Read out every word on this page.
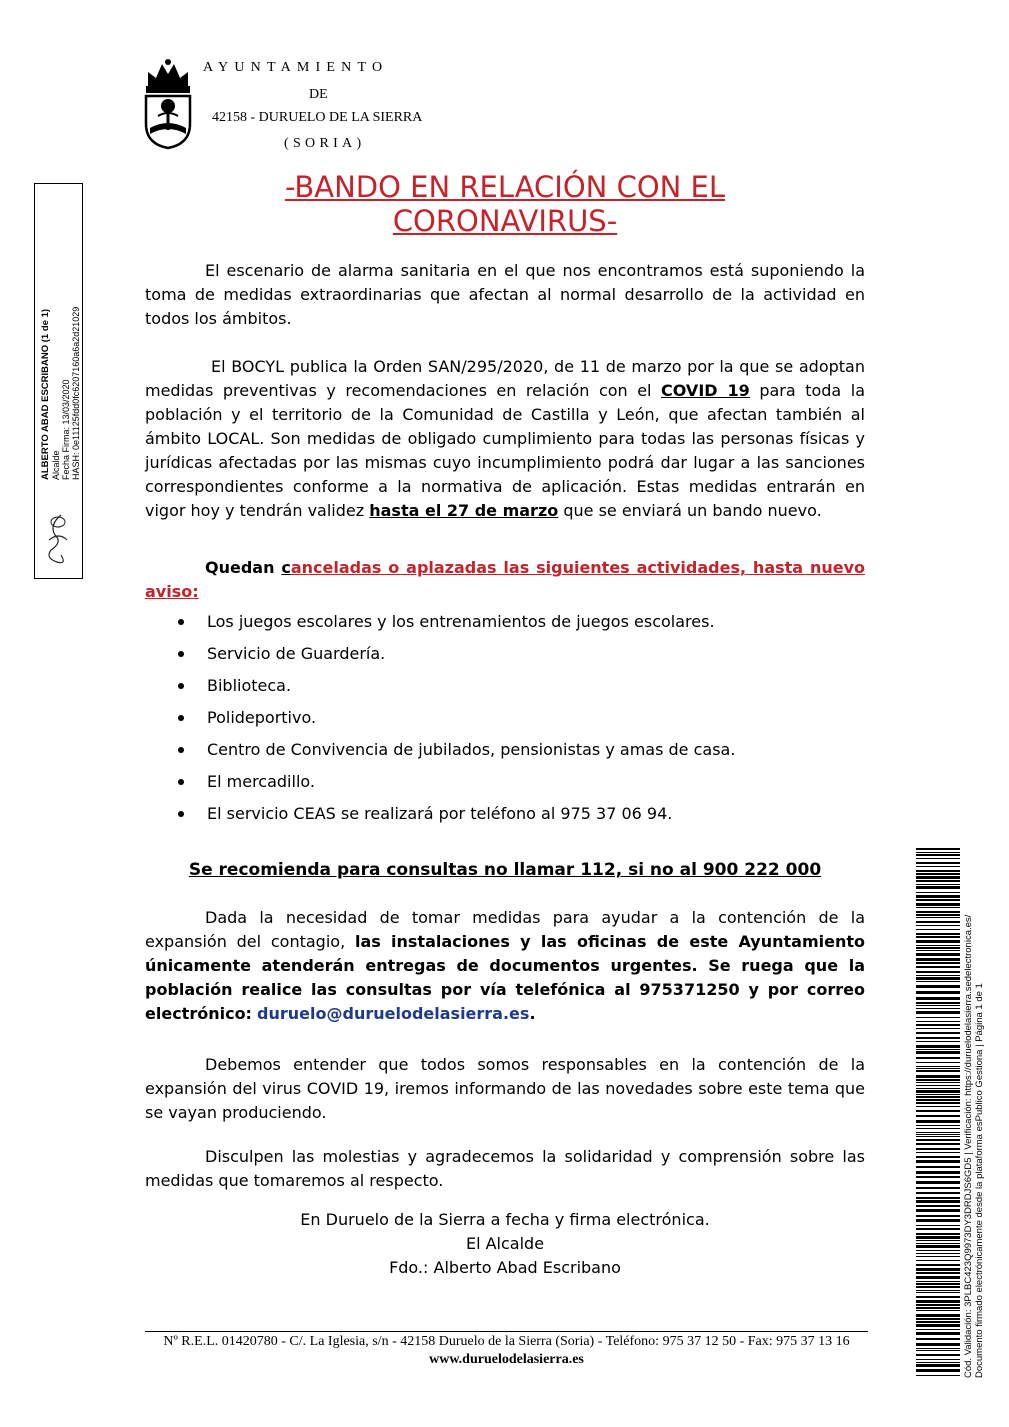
AYUNTAMIENTO
DE
42158 - DURUELO DE LA SIERRA
(SORIA)
-BANDO EN RELACIÓN CON EL
CORONAVIRUS-
El escenario de alarma sanitaria en el que nos encontramos está suponiendo la toma de medidas extraordinarias que afectan al normal desarrollo de la actividad en todos los ámbitos.
El BOCYL publica la Orden SAN/295/2020, de 11 de marzo por la que se adoptan medidas preventivas y recomendaciones en relación con el COVID 19 para toda la población y el territorio de la Comunidad de Castilla y León, que afectan también al ámbito LOCAL. Son medidas de obligado cumplimiento para todas las personas físicas y jurídicas afectadas por las mismas cuyo incumplimiento podrá dar lugar a las sanciones correspondientes conforme a la normativa de aplicación. Estas medidas entrarán en vigor hoy y tendrán validez hasta el 27 de marzo que se enviará un bando nuevo.
Quedan canceladas o aplazadas las siguientes actividades, hasta nuevo aviso:
Los juegos escolares y los entrenamientos de juegos escolares.
Servicio de Guardería.
Biblioteca.
Polideportivo.
Centro de Convivencia de jubilados, pensionistas y amas de casa.
El mercadillo.
El servicio CEAS se realizará por teléfono al 975 37 06 94.
Se recomienda para consultas no llamar 112, si no al 900 222 000
Dada la necesidad de tomar medidas para ayudar a la contención de la expansión del contagio, las instalaciones y las oficinas de este Ayuntamiento únicamente atenderán entregas de documentos urgentes. Se ruega que la población realice las consultas por vía telefónica al 975371250 y por correo electrónico: duruelo@duruelodelasierra.es.
Debemos entender que todos somos responsables en la contención de la expansión del virus COVID 19, iremos informando de las novedades sobre este tema que se vayan produciendo.
Disculpen las molestias y agradecemos la solidaridad y comprensión sobre las medidas que tomaremos al respecto.
En Duruelo de la Sierra a fecha y firma electrónica.
El Alcalde
Fdo.: Alberto Abad Escribano
Nº R.E.L. 01420780 - C/. La Iglesia, s/n - 42158 Duruelo de la Sierra (Soria) - Teléfono: 975 37 12 50 - Fax: 975 37 13 16
www.duruelodelasierra.es
ALBERTO ABAD ESCRIBANO (1 de 1) Alcalde Fecha Firma: 13/03/2020 HASH: 0e11125fdd0fc6207160a6a2d21029
Cód. Validación: 3PLBC423Q9973DY3DRDJS6GD5 | Verificación: https://duruelodelasierra.sedelectronica.es/ Documento firmado electrónicamente desde la plataforma esPublico Gestiona | Página 1 de 1
